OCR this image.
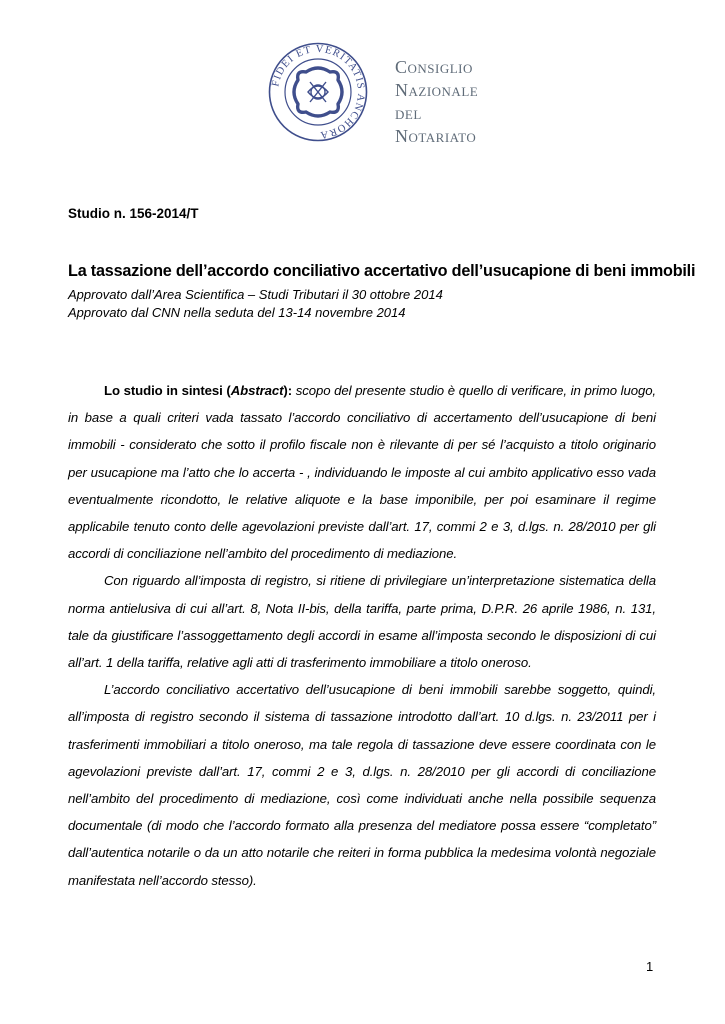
FIDEI ET VERITATIS ANCHORA
Consiglio
Nazionale
del
Notariato
Studio n. 156-2014/T
La tassazione dell’accordo conciliativo accertativo dell’usucapione di beni immobili
Approvato dall’Area Scientifica – Studi Tributari il 30 ottobre 2014
Approvato dal CNN nella seduta del 13-14 novembre 2014

Lo studio in sintesi (Abstract): scopo del presente studio è quello di verificare, in primo luogo, in base a quali criteri vada tassato l’accordo conciliativo di accertamento dell’usucapione di beni immobili - considerato che sotto il profilo fiscale non è rilevante di per sé l’acquisto a titolo originario per usucapione ma l’atto che lo accerta - , individuando le imposte al cui ambito applicativo esso vada eventualmente ricondotto, le relative aliquote e la base imponibile, per poi esaminare il regime applicabile tenuto conto delle agevolazioni previste dall’art. 17, commi 2 e 3, d.lgs. n. 28/2010 per gli accordi di conciliazione nell’ambito del procedimento di mediazione.

Con riguardo all’imposta di registro, si ritiene di privilegiare un’interpretazione sistematica della norma antielusiva di cui all’art. 8, Nota II-bis, della tariffa, parte prima, D.P.R. 26 aprile 1986, n. 131, tale da giustificare l’assoggettamento degli accordi in esame all’imposta secondo le disposizioni di cui all’art. 1 della tariffa, relative agli atti di trasferimento immobiliare a titolo oneroso.

L’accordo conciliativo accertativo dell’usucapione di beni immobili sarebbe soggetto, quindi, all’imposta di registro secondo il sistema di tassazione introdotto dall’art. 10 d.lgs. n. 23/2011 per i trasferimenti immobiliari a titolo oneroso, ma tale regola di tassazione deve essere coordinata con le agevolazioni previste dall’art. 17, commi 2 e 3, d.lgs. n. 28/2010 per gli accordi di conciliazione nell’ambito del procedimento di mediazione, così come individuati anche nella possibile sequenza documentale (di modo che l’accordo formato alla presenza del mediatore possa essere “completato” dall’autentica notarile o da un atto notarile che reiteri in forma pubblica la medesima volontà negoziale manifestata nell’accordo stesso).

1
